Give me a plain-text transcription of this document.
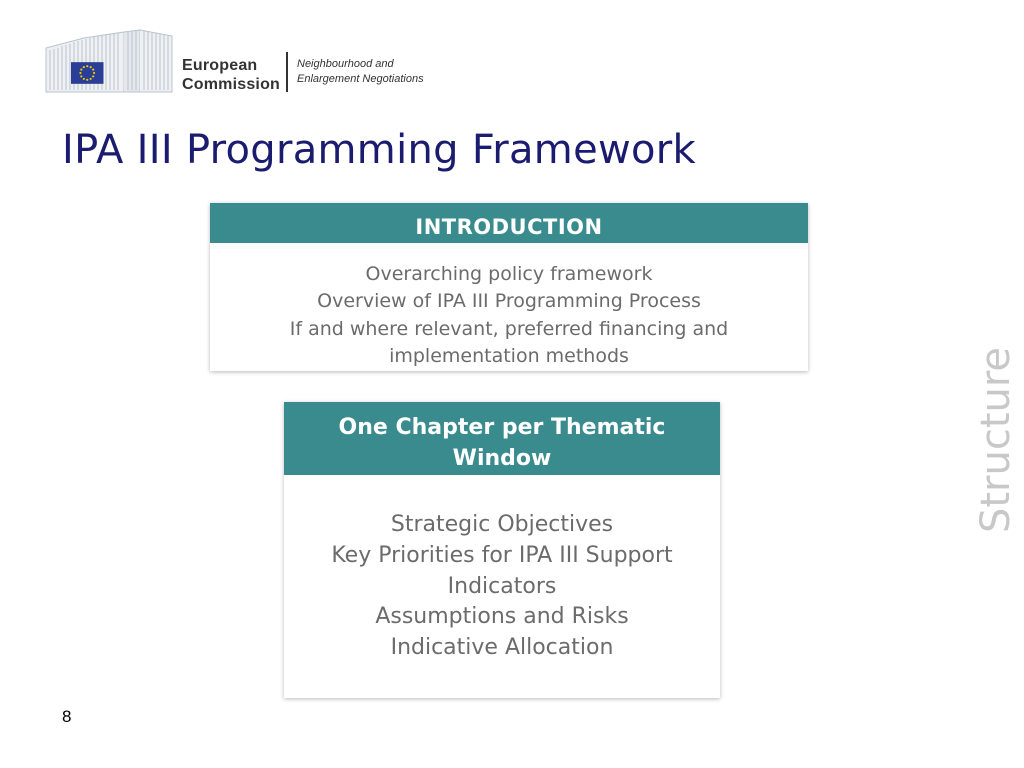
European
Commission
Neighbourhood and
Enlargement Negotiations
IPA III Programming Framework
INTRODUCTION
Overarching policy framework
Overview of IPA III Programming Process
If and where relevant, preferred financing and implementation methods
One Chapter per Thematic
Window
Strategic Objectives
Key Priorities for IPA III Support
Indicators
Assumptions and Risks
Indicative Allocation
Structure
8
